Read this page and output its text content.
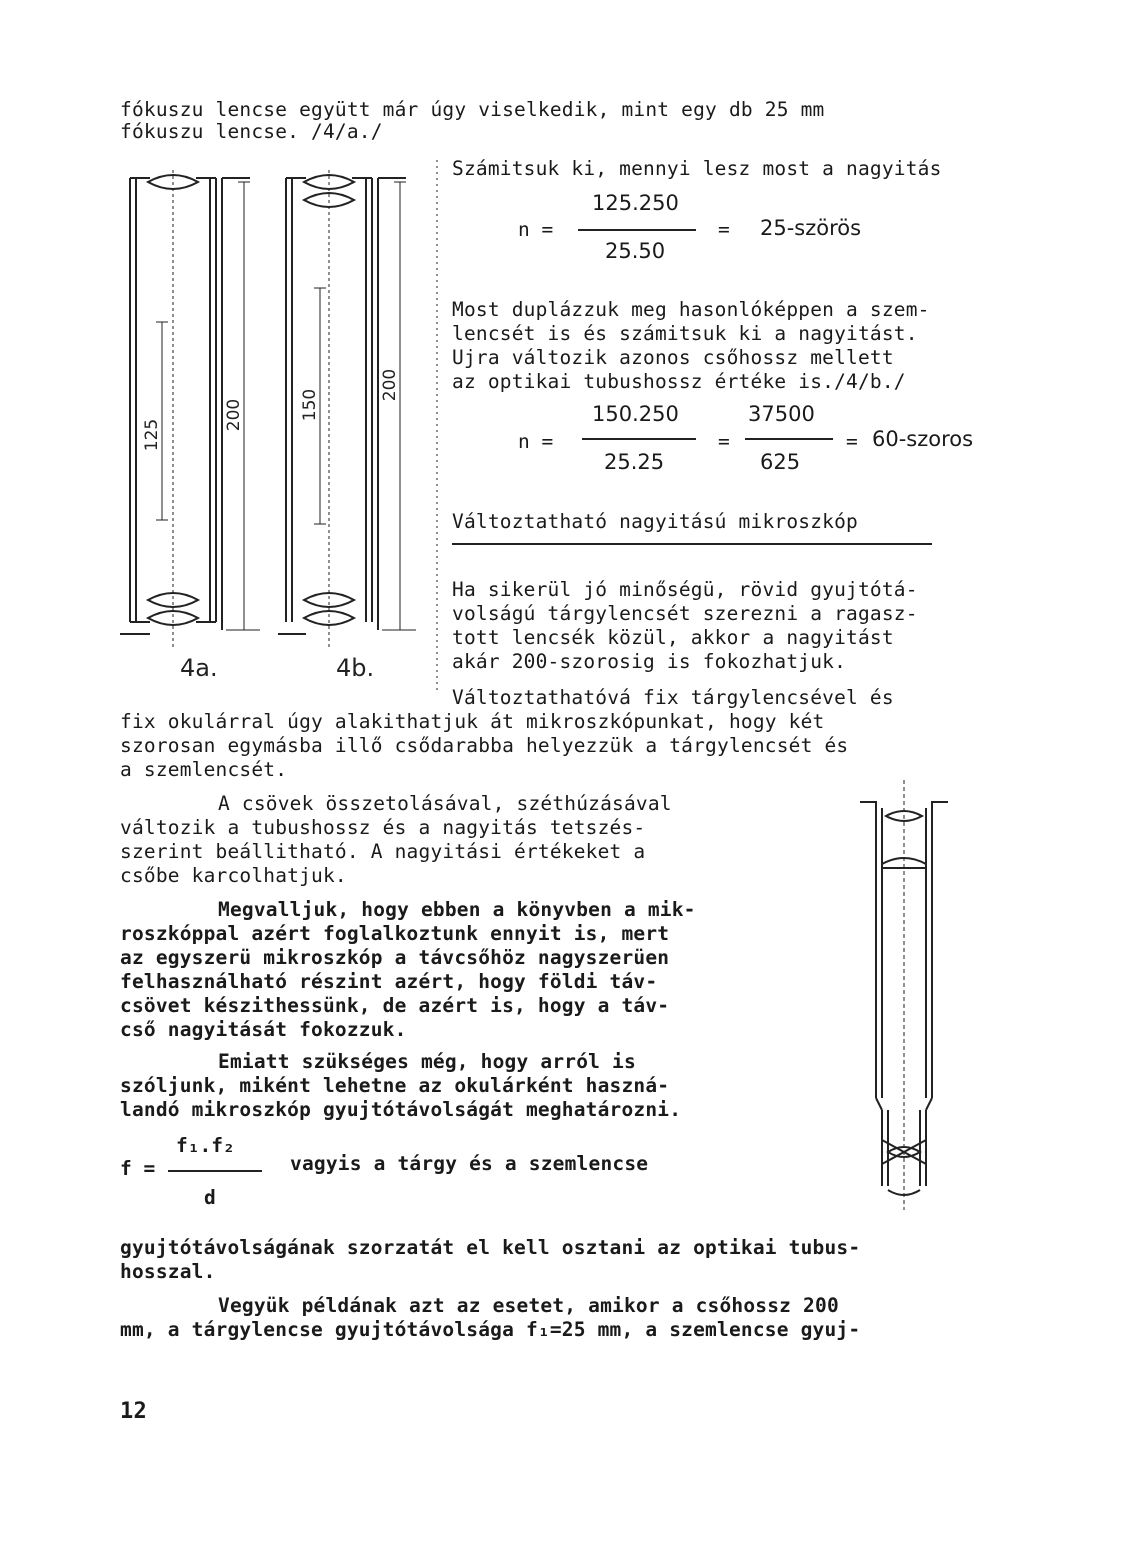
fókuszu lencse együtt már úgy viselkedik, mint egy db 25 mm
fókuszu lencse. /4/a./
125
200	150
200
4a.	4b.
Számitsuk ki, mennyi lesz most a nagyitás
n =
125.250
25.50
= 25-szörös
Most duplázzuk meg hasonlóképpen a szem-
lencsét is és számitsuk ki a nagyitást.
Ujra változik azonos csőhossz mellett
az optikai tubushossz értéke is./4/b./
n =
150.250
25.25
=
37500
625
= 60-szoros
Változtatható nagyitású mikroszkóp
Ha sikerül jó minőségü, rövid gyujtótá-
volságú tárgylencsét szerezni a ragasz-
tott lencsék közül, akkor a nagyitást
akár 200-szorosig is fokozhatjuk.
Változtathatóvá fix tárgylencsével és
fix okulárral úgy alakithatjuk át mikroszkópunkat, hogy két
szorosan egymásba illő csődarabba helyezzük a tárgylencsét és
a szemlencsét.
A csövek összetolásával, széthúzásával
változik a tubushossz és a nagyitás tetszés-
szerint beállitható. A nagyitási értékeket a
csőbe karcolhatjuk.
Megvalljuk, hogy ebben a könyvben a mik-
roszkóppal azért foglalkoztunk ennyit is, mert
az egyszerü mikroszkóp a távcsőhöz nagyszerüen
felhasználható részint azért, hogy földi táv-
csövet készithessünk, de azért is, hogy a táv-
cső nagyitását fokozzuk.
Emiatt szükséges még, hogy arról is
szóljunk, miként lehetne az okulárként haszná-
landó mikroszkóp gyujtótávolságát meghatározni.
f =
f₁.f₂
d
vagyis a tárgy és a szemlencse
gyujtótávolságának szorzatát el kell osztani az optikai tubus-
hosszal.
Vegyük példának azt az esetet, amikor a csőhossz 200
mm, a tárgylencse gyujtótávolsága f₁=25 mm, a szemlencse gyuj-
12
